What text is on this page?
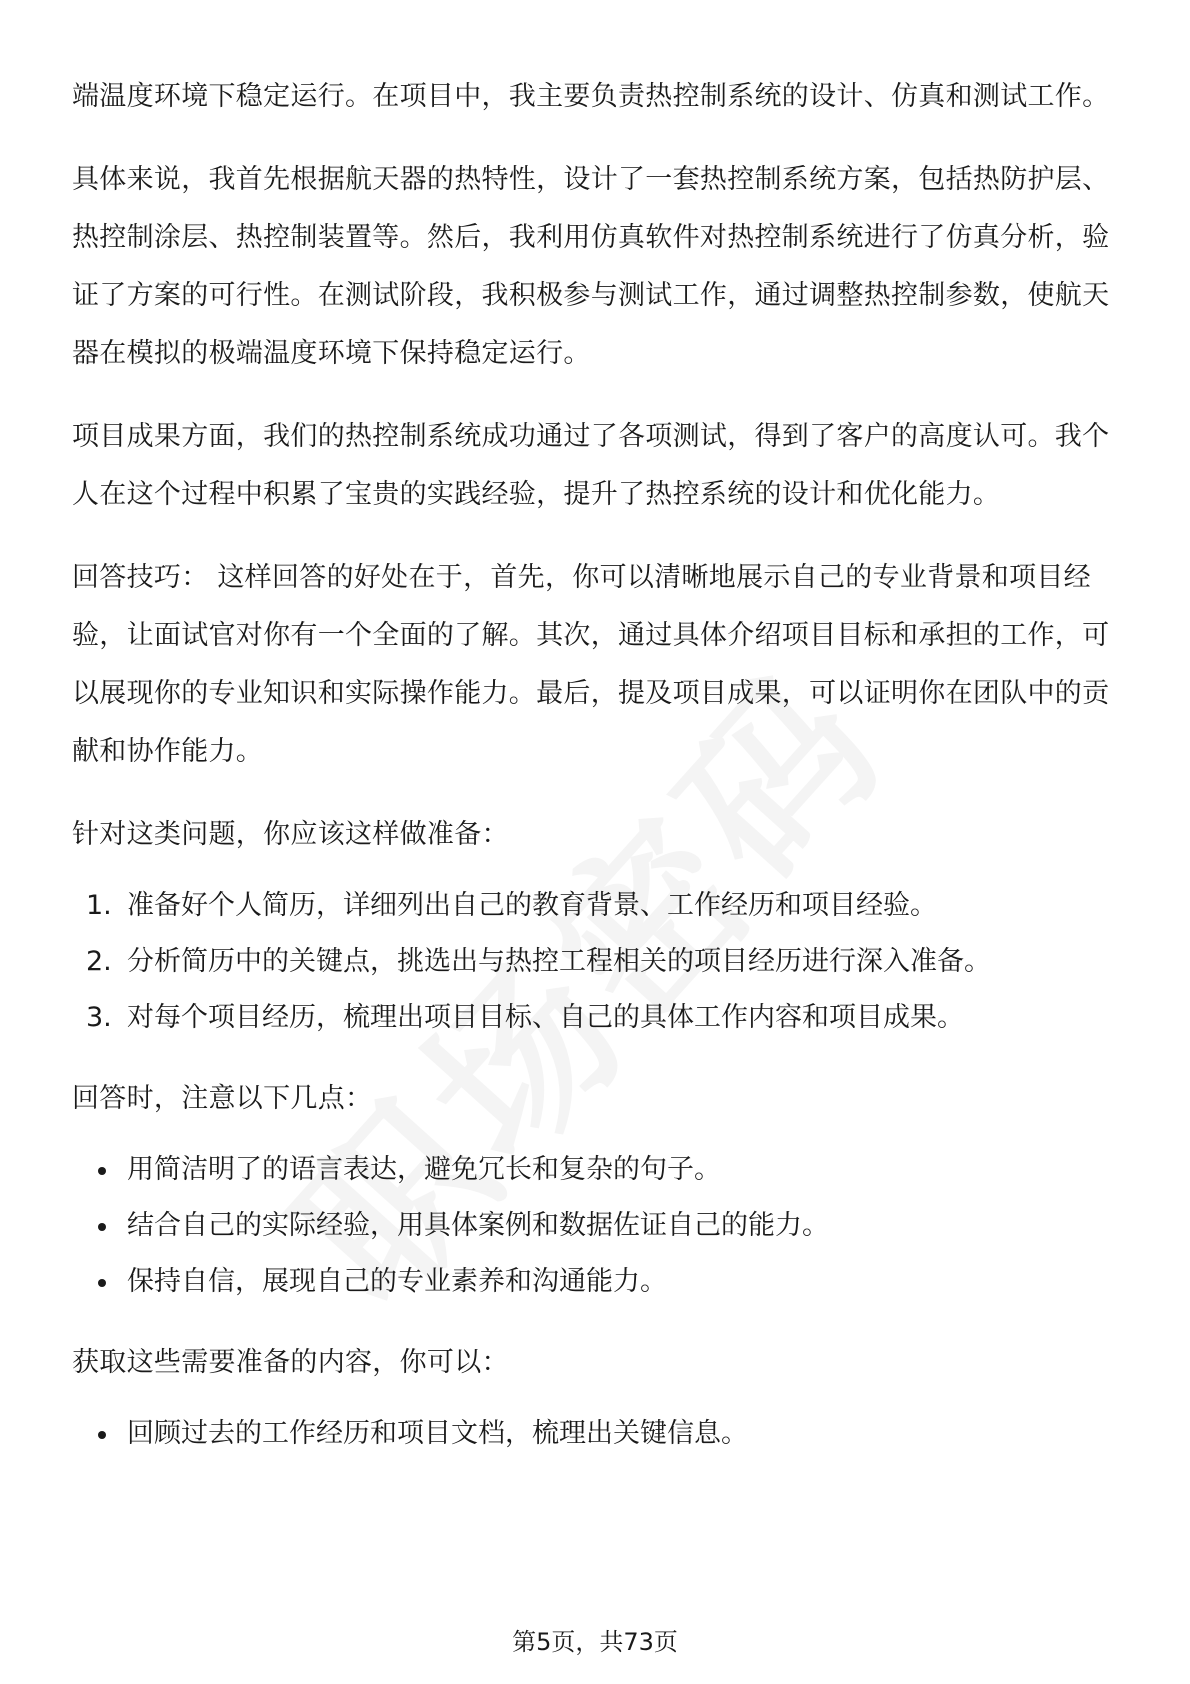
端温度环境下稳定运行。在项目中，我主要负责热控制系统的设计、仿真和测试工作。

具体来说，我首先根据航天器的热特性，设计了一套热控制系统方案，包括热防护层、热控制涂层、热控制装置等。然后，我利用仿真软件对热控制系统进行了仿真分析，验证了方案的可行性。在测试阶段，我积极参与测试工作，通过调整热控制参数，使航天器在模拟的极端温度环境下保持稳定运行。

项目成果方面，我们的热控制系统成功通过了各项测试，得到了客户的高度认可。我个人在这个过程中积累了宝贵的实践经验，提升了热控系统的设计和优化能力。

回答技巧： 这样回答的好处在于，首先，你可以清晰地展示自己的专业背景和项目经验，让面试官对你有一个全面的了解。其次，通过具体介绍项目目标和承担的工作，可以展现你的专业知识和实际操作能力。最后，提及项目成果，可以证明你在团队中的贡献和协作能力。

针对这类问题，你应该这样做准备：

1. 准备好个人简历，详细列出自己的教育背景、工作经历和项目经验。
2. 分析简历中的关键点，挑选出与热控工程相关的项目经历进行深入准备。
3. 对每个项目经历，梳理出项目目标、自己的具体工作内容和项目成果。

回答时，注意以下几点：

用简洁明了的语言表达，避免冗长和复杂的句子。
结合自己的实际经验，用具体案例和数据佐证自己的能力。
保持自信，展现自己的专业素养和沟通能力。

获取这些需要准备的内容，你可以：

回顾过去的工作经历和项目文档，梳理出关键信息。
第5页，共73页
